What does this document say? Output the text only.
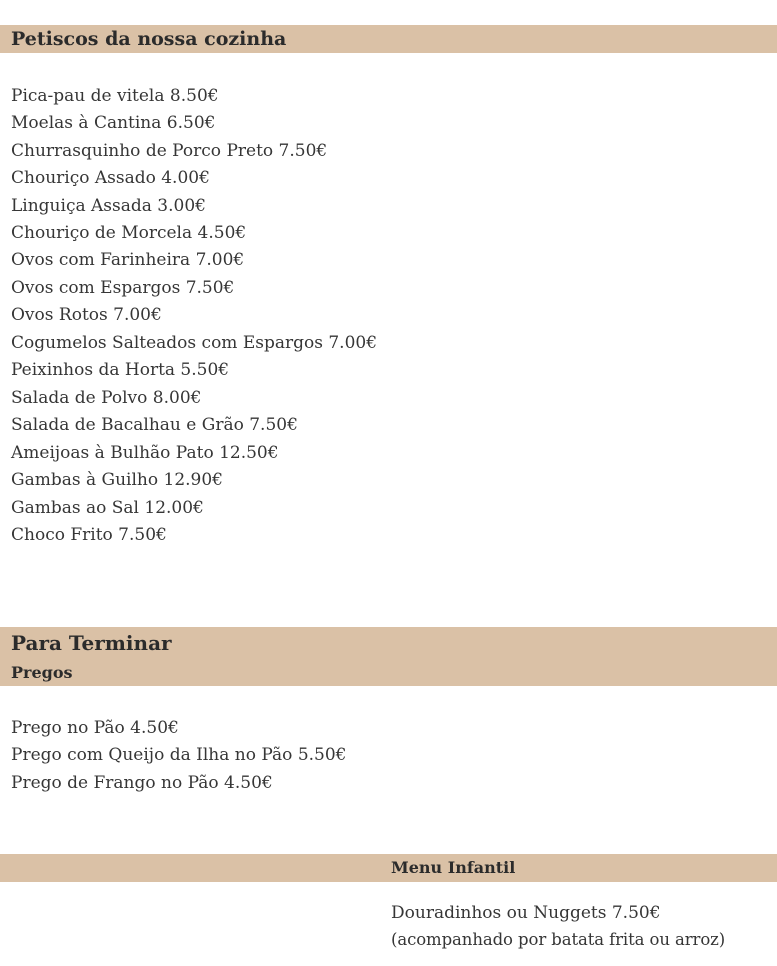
Petiscos da nossa cozinha
Pica-pau de vitela 8.50€
Moelas à Cantina 6.50€
Churrasquinho de Porco Preto 7.50€
Chouriço Assado 4.00€
Linguiça Assada 3.00€
Chouriço de Morcela 4.50€
Ovos com Farinheira 7.00€
Ovos com Espargos 7.50€
Ovos Rotos 7.00€
Cogumelos Salteados com Espargos 7.00€
Peixinhos da Horta 5.50€
Salada de Polvo 8.00€
Salada de Bacalhau e Grão 7.50€
Ameijoas à Bulhão Pato 12.50€
Gambas à Guilho 12.90€
Gambas ao Sal 12.00€
Choco Frito 7.50€
Para Terminar
Pregos
Prego no Pão 4.50€
Prego com Queijo da Ilha no Pão 5.50€
Prego de Frango no Pão 4.50€
Menu Infantil
Douradinhos ou Nuggets 7.50€
(acompanhado por batata frita ou arroz)
